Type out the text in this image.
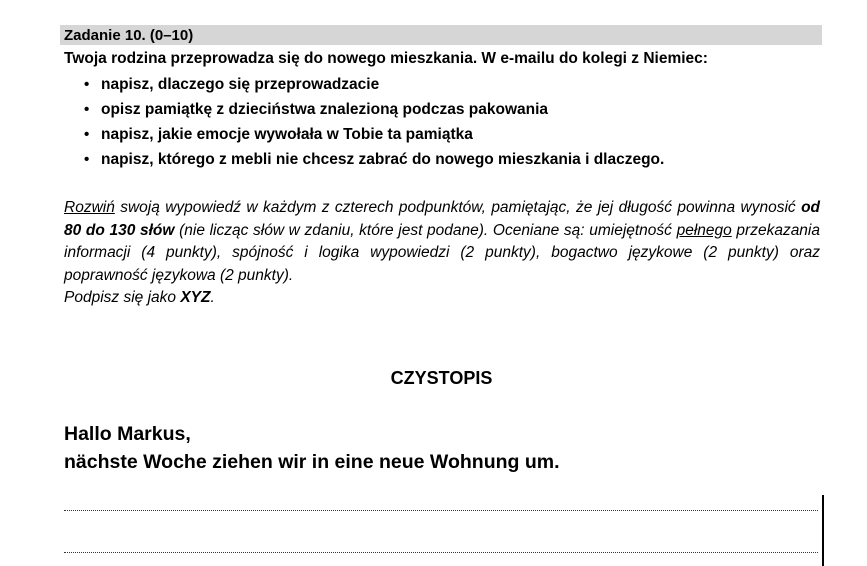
Zadanie 10. (0–10)
Twoja rodzina przeprowadza się do nowego mieszkania. W e-mailu do kolegi z Niemiec:
• napisz, dlaczego się przeprowadzacie
• opisz pamiątkę z dzieciństwa znalezioną podczas pakowania
• napisz, jakie emocje wywołała w Tobie ta pamiątka
• napisz, którego z mebli nie chcesz zabrać do nowego mieszkania i dlaczego.

Rozwiń swoją wypowiedź w każdym z czterech podpunktów, pamiętając, że jej długość powinna wynosić od 80 do 130 słów (nie licząc słów w zdaniu, które jest podane). Oceniane są: umiejętność pełnego przekazania informacji (4 punkty), spójność i logika wypowiedzi (2 punkty), bogactwo językowe (2 punkty) oraz poprawność językowa (2 punkty).

Podpisz się jako XYZ.

CZYSTOPIS
Hallo Markus,
nächste Woche ziehen wir in eine neue Wohnung um.
